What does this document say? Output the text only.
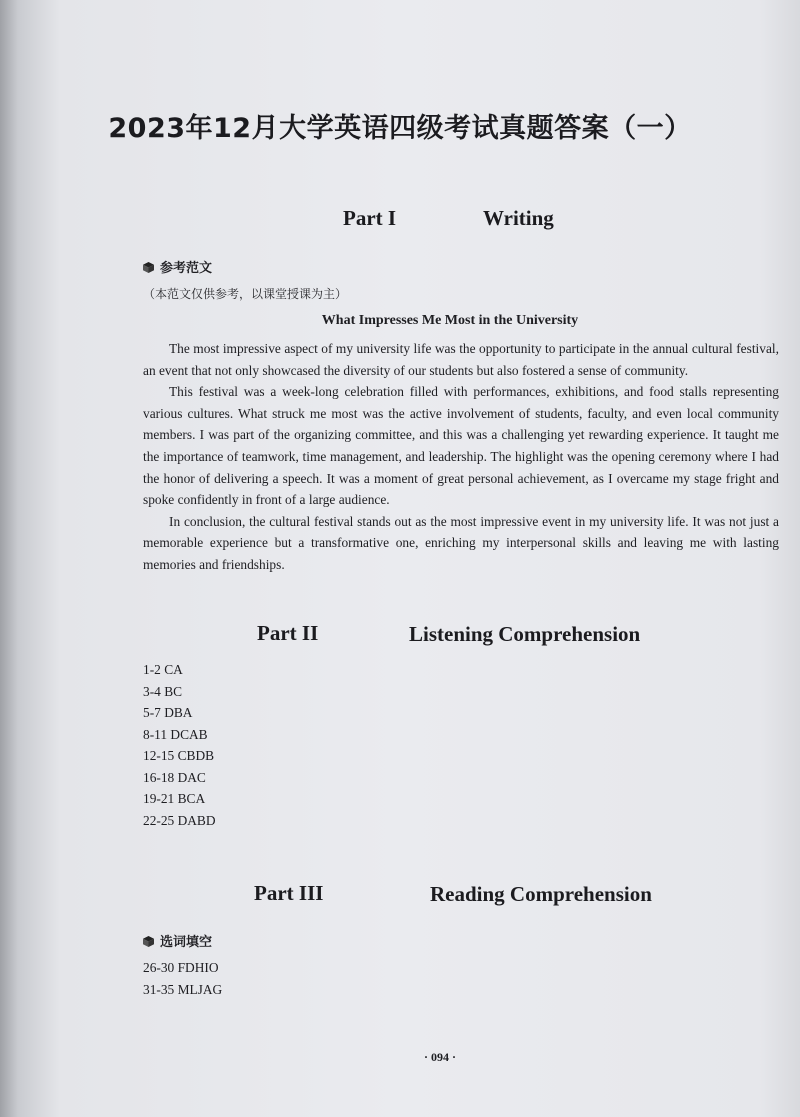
2023年12月大学英语四级考试真题答案（一）
Part I	Writing
参考范文
（本范文仅供参考，以课堂授课为主）
What Impresses Me Most in the University

The most impressive aspect of my university life was the opportunity to participate in the annual cultural festival, an event that not only showcased the diversity of our students but also fostered a sense of community.

This festival was a week-long celebration filled with performances, exhibitions, and food stalls representing various cultures. What struck me most was the active involvement of students, faculty, and even local community members. I was part of the organizing committee, and this was a challenging yet rewarding experience. It taught me the importance of teamwork, time management, and leadership. The highlight was the opening ceremony where I had the honor of delivering a speech. It was a moment of great personal achievement, as I overcame my stage fright and spoke confidently in front of a large audience.

In conclusion, the cultural festival stands out as the most impressive event in my university life. It was not just a memorable experience but a transformative one, enriching my interpersonal skills and leaving me with lasting memories and friendships.

Part II	Listening Comprehension
1-2 CA
3-4 BC
5-7 DBA
8-11 DCAB
12-15 CBDB
16-18 DAC
19-21 BCA
22-25 DABD
Part III	Reading Comprehension
选词填空
26-30 FDHIO
31-35 MLJAG
· 094 ·
